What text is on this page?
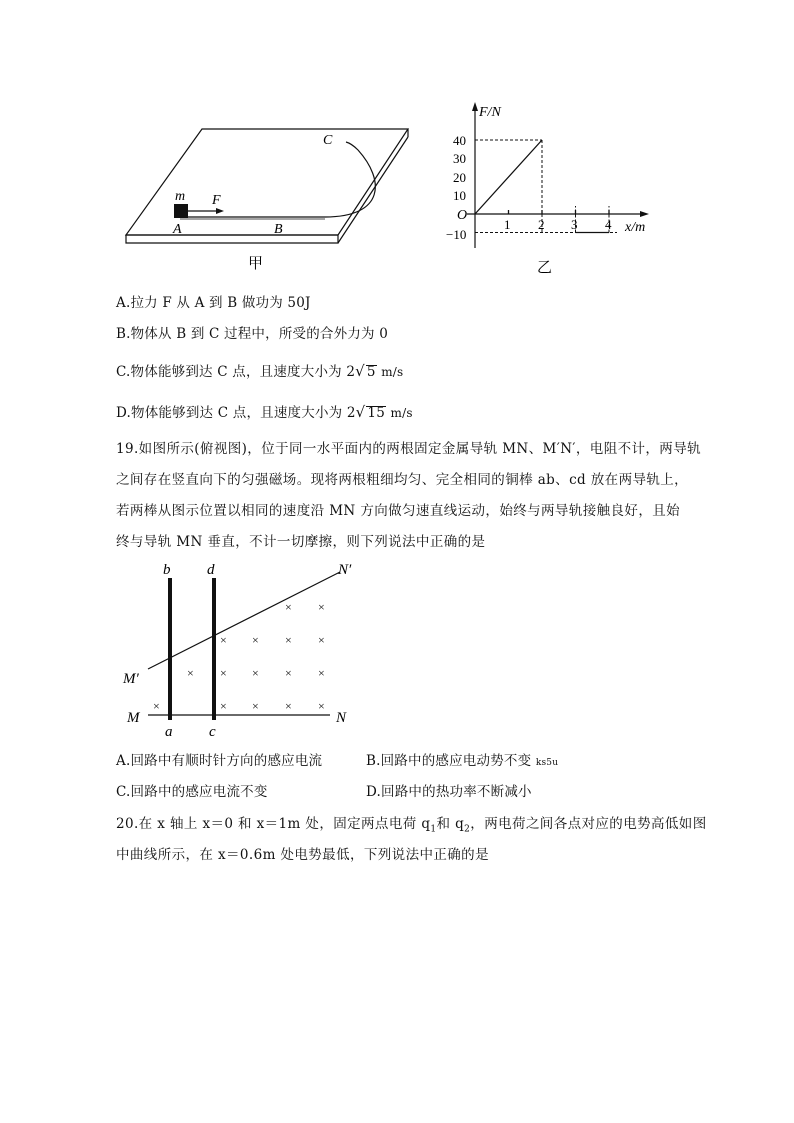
m F
A	B
C
甲
F/N
x/m
O
40
30
20
10
−10
1 2 3 4
乙
A.拉力 F 从 A 到 B 做功为 50J
B.物体从 B 到 C 过程中，所受的合外力为 0
C.物体能够到达 C 点，且速度大小为 2√ 5 m/s
D.物体能够到达 C 点，且速度大小为 2√ 15 m/s
19.如图所示(俯视图)，位于同一水平面内的两根固定金属导轨 MN、M′N′，电阻不计，两导轨
之间存在竖直向下的匀强磁场。现将两根粗细均匀、完全相同的铜棒 ab、cd 放在两导轨上，
若两棒从图示位置以相同的速度沿 MN 方向做匀速直线运动，始终与两导轨接触良好，且始
终与导轨 MN 垂直，不计一切摩擦，则下列说法中正确的是
×	× × × ×
× × × × ×
× × × ×
× ×
b d	N′
M′
M	N
a c
A.回路中有顺时针方向的感应电流	B.回路中的感应电动势不变 ks5u
C.回路中的感应电流不变	D.回路中的热功率不断减小
20.在 x 轴上 x＝0 和 x＝1m 处，固定两点电荷 $q_1$和 $q_2$，两电荷之间各点对应的电势高低如图
中曲线所示，在 x＝0.6m 处电势最低，下列说法中正确的是
